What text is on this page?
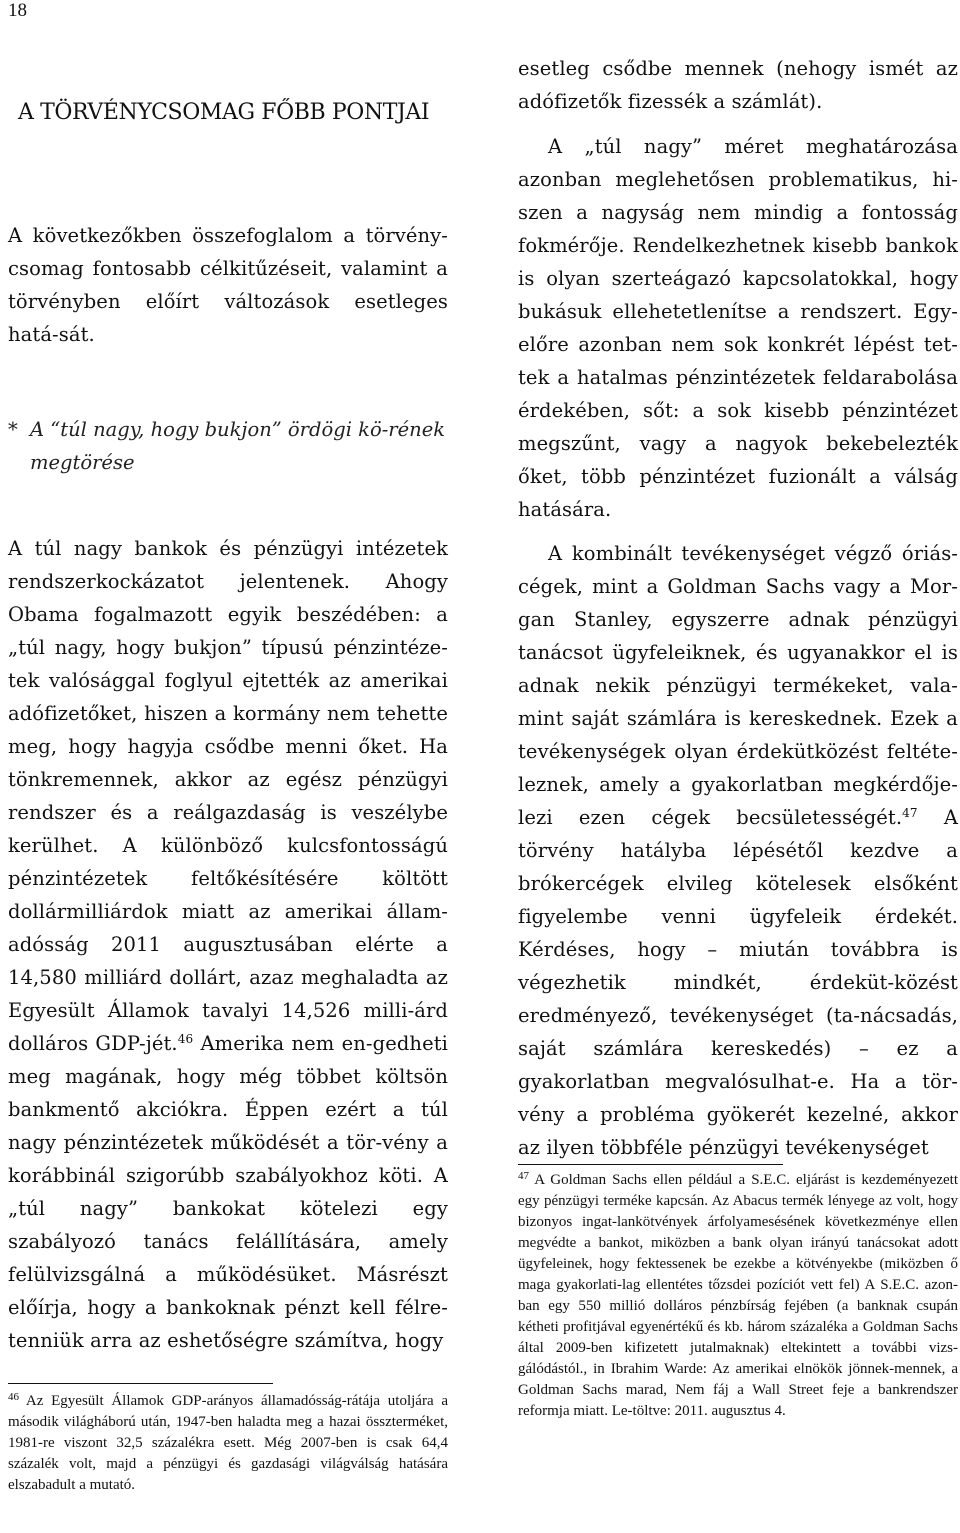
18
A TÖRVÉNYCSOMAG FŐBB PONTJAI

A következőkben összefoglalom a törvény-csomag fontosabb célkitűzéseit, valamint a törvényben előírt változások esetleges hatá-sát.

* A “túl nagy, hogy bukjon” ördögi kö-rének megtörése

A túl nagy bankok és pénzügyi intézetek rendszerkockázatot jelentenek. Ahogy Obama fogalmazott egyik beszédében: a „túl nagy, hogy bukjon” típusú pénzintéze-tek valósággal foglyul ejtették az amerikai adófizetőket, hiszen a kormány nem tehette meg, hogy hagyja csődbe menni őket. Ha tönkremennek, akkor az egész pénzügyi rendszer és a reálgazdaság is veszélybe kerülhet. A különböző kulcsfontosságú pénzintézetek feltőkésítésére költött dollármilliárdok miatt az amerikai állam-adósság 2011 augusztusában elérte a 14,580 milliárd dollárt, azaz meghaladta az Egyesült Államok tavalyi 14,526 milli-árd dolláros GDP-jét.$^{46}$ Amerika nem en-gedheti meg magának, hogy még többet költsön bankmentő akciókra. Éppen ezért a túl nagy pénzintézetek működését a tör-vény a korábbinál szigorúbb szabályokhoz köti. A „túl nagy” bankokat kötelezi egy szabályozó tanács felállítására, amely felülvizsgálná a működésüket. Másrészt előírja, hogy a bankoknak pénzt kell félre-tenniük arra az eshetőségre számítva, hogy

$^{46}$ Az Egyesült Államok GDP-arányos államadósság-rátája utoljára a második világháború után, 1947-ben haladta meg a hazai összterméket, 1981-re viszont 32,5 százalékra esett. Még 2007-ben is csak 64,4 százalék volt, majd a pénzügyi és gazdasági világválság hatására elszabadult a mutató.

esetleg csődbe mennek (nehogy ismét az adófizetők fizessék a számlát).

A „túl nagy” méret meghatározása azonban meglehetősen problematikus, hi-szen a nagyság nem mindig a fontosság fokmérője. Rendelkezhetnek kisebb bankok is olyan szerteágazó kapcsolatokkal, hogy bukásuk ellehetetlenítse a rendszert. Egy-előre azonban nem sok konkrét lépést tet-tek a hatalmas pénzintézetek feldarabolása érdekében, sőt: a sok kisebb pénzintézet megszűnt, vagy a nagyok bekebelezték őket, több pénzintézet fuzionált a válság hatására.

A kombinált tevékenységet végző óriás-cégek, mint a Goldman Sachs vagy a Mor-gan Stanley, egyszerre adnak pénzügyi tanácsot ügyfeleiknek, és ugyanakkor el is adnak nekik pénzügyi termékeket, vala-mint saját számlára is kereskednek. Ezek a tevékenységek olyan érdekütközést feltéte-leznek, amely a gyakorlatban megkérdője-lezi ezen cégek becsületességét.$^{47}$ A törvény hatályba lépésétől kezdve a brókercégek elvileg kötelesek elsőként figyelembe venni ügyfeleik érdekét. Kérdéses, hogy – miután továbbra is végezhetik mindkét, érdeküt-közést eredményező, tevékenységet (ta-nácsadás, saját számlára kereskedés) – ez a gyakorlatban megvalósulhat-e. Ha a tör-vény a probléma gyökerét kezelné, akkor az ilyen többféle pénzügyi tevékenységet

$^{47}$ A Goldman Sachs ellen például a S.E.C. eljárást is kezdeményezett egy pénzügyi terméke kapcsán. Az Abacus termék lényege az volt, hogy bizonyos ingat-lankötvények árfolyamesésének következménye ellen megvédte a bankot, miközben a bank olyan irányú tanácsokat adott ügyfeleinek, hogy fektessenek be ezekbe a kötvényekbe (miközben ő maga gyakorlati-lag ellentétes tőzsdei pozíciót vett fel) A S.E.C. azon-ban egy 550 millió dolláros pénzbírság fejében (a banknak csupán kétheti profitjával egyenértékű és kb. három százaléka a Goldman Sachs által 2009-ben kifizetett jutalmaknak) eltekintett a további vizs-gálódástól., in Ibrahim Warde: Az amerikai elnökök jönnek-mennek, a Goldman Sachs marad, Nem fáj a Wall Street feje a bankrendszer reformja miatt. Le-töltve: 2011. augusztus 4.
